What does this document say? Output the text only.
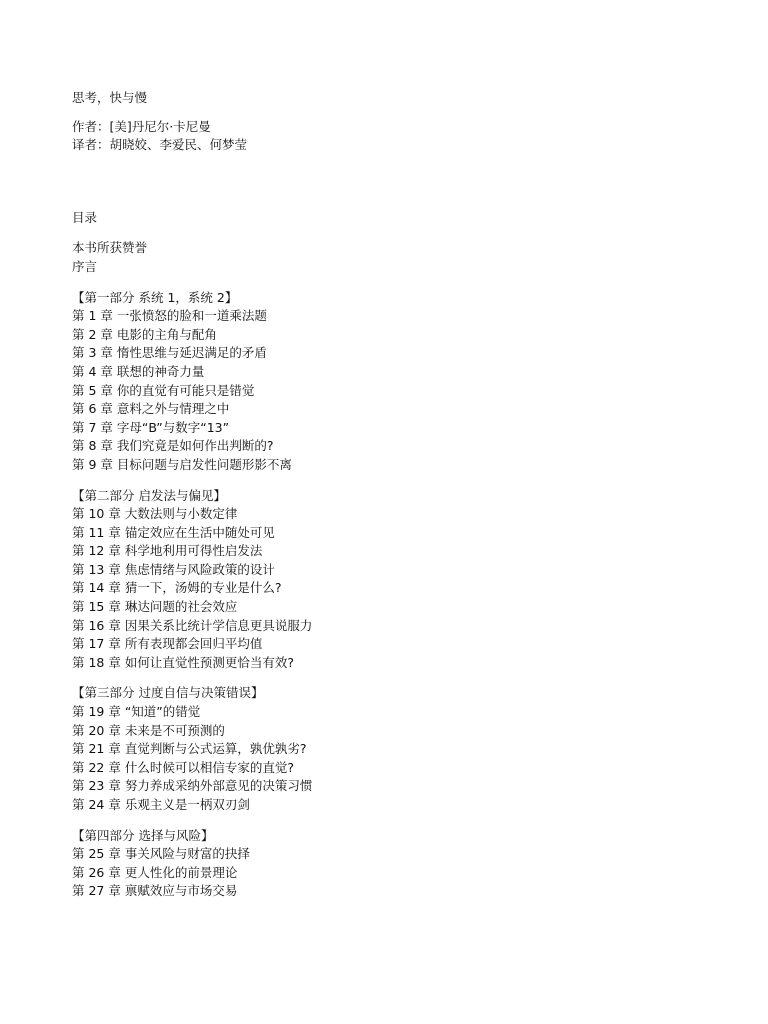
思考，快与慢
作者：[美]丹尼尔·卡尼曼
译者：胡晓姣、李爱民、何梦莹
目录
本书所获赞誉
序言
【第一部分 系统 1，系统 2】
第 1 章 一张愤怒的脸和一道乘法题
第 2 章 电影的主角与配角
第 3 章 惰性思维与延迟满足的矛盾
第 4 章 联想的神奇力量
第 5 章 你的直觉有可能只是错觉
第 6 章 意料之外与情理之中
第 7 章 字母“B”与数字“13”
第 8 章 我们究竟是如何作出判断的?
第 9 章 目标问题与启发性问题形影不离
【第二部分 启发法与偏见】
第 10 章 大数法则与小数定律
第 11 章 锚定效应在生活中随处可见
第 12 章 科学地利用可得性启发法
第 13 章 焦虑情绪与风险政策的设计
第 14 章 猜一下，汤姆的专业是什么?
第 15 章 琳达问题的社会效应
第 16 章 因果关系比统计学信息更具说服力
第 17 章 所有表现都会回归平均值
第 18 章 如何让直觉性预测更恰当有效?
【第三部分 过度自信与决策错误】
第 19 章 “知道”的错觉
第 20 章 未来是不可预测的
第 21 章 直觉判断与公式运算，孰优孰劣?
第 22 章 什么时候可以相信专家的直觉?
第 23 章 努力养成采纳外部意见的决策习惯
第 24 章 乐观主义是一柄双刃剑
【第四部分 选择与风险】
第 25 章 事关风险与财富的抉择
第 26 章 更人性化的前景理论
第 27 章 禀赋效应与市场交易
